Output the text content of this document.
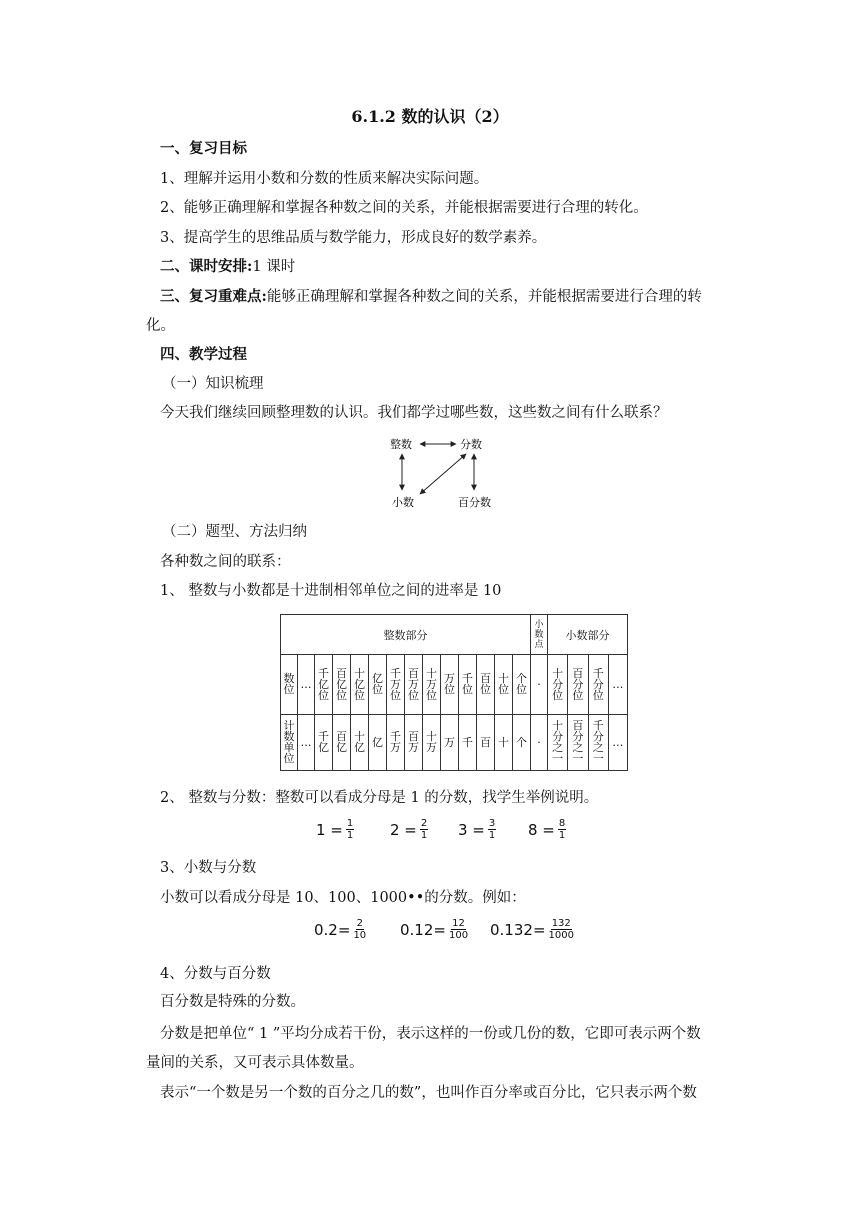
6.1.2 数的认识（2）
一、复习目标
1、理解并运用小数和分数的性质来解决实际问题。
2、能够正确理解和掌握各种数之间的关系，并能根据需要进行合理的转化。
3、提高学生的思维品质与数学能力，形成良好的数学素养。
二、课时安排:1 课时
三、复习重难点:能够正确理解和掌握各种数之间的关系，并能根据需要进行合理的转
化。
四、教学过程
（一）知识梳理
今天我们继续回顾整理数的认识。我们都学过哪些数，这些数之间有什么联系？
整数	分数
小数	百分数
（二）题型、方法归纳
各种数之间的联系：
1、 整数与小数都是十进制相邻单位之间的进率是 10
整数部分														小数点	小数部分			
数位	…	千亿位	百亿位	十亿位	亿位	千万位	百万位	十万位	万位	千位	百位	十位	个位	·	十分位	百分位	千分位	…
计数单位	…	千亿	百亿	十亿	亿	千万	百万	十万	万	千	百	十	个	·	十分之一	百分之一	千分之一	…
2、 整数与分数：整数可以看成分母是 1 的分数，找学生举例说明。
$1 = \frac{1}{1} 2 = \frac{2}{1} 3 = \frac{3}{1} 8 = \frac{8}{1}$
3、小数与分数
小数可以看成分母是 10、100、1000••的分数。例如：
$0.2= \frac{2}{10} 0.12= \frac{12}{100} 0.132= \frac{132}{1000}$
4、分数与百分数
百分数是特殊的分数。
分数是把单位“ 1 ”平均分成若干份，表示这样的一份或几份的数，它即可表示两个数
量间的关系，又可表示具体数量。
表示“一个数是另一个数的百分之几的数”，也叫作百分率或百分比，它只表示两个数
